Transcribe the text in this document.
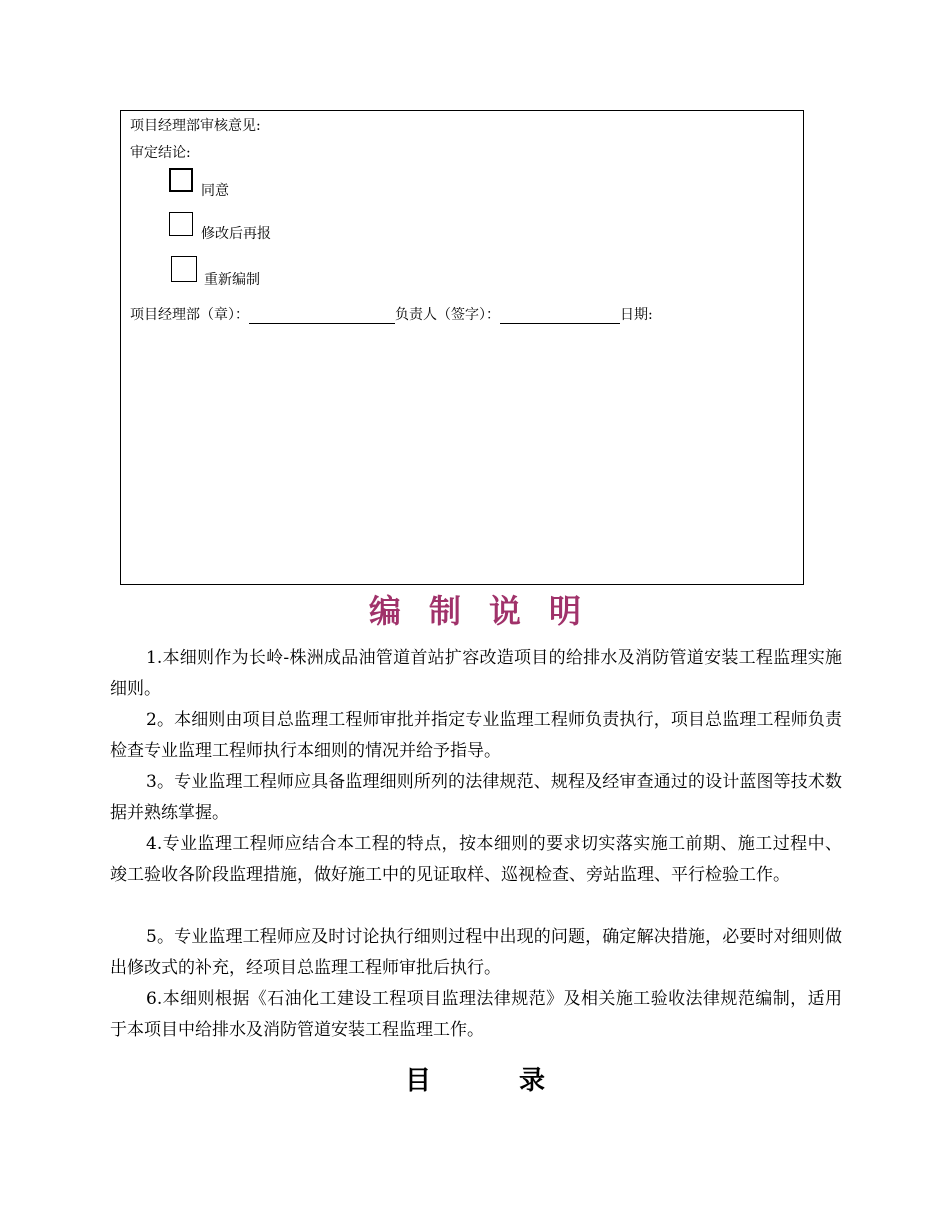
项目经理部审核意见:
审定结论:
同意
修改后再报
重新编制
项目经理部（章）：	负责人（签字）：	日期:
编制说明
1.本细则作为长岭-株洲成品油管道首站扩容改造项目的给排水及消防管道安装工程监理实施细则。
2。本细则由项目总监理工程师审批并指定专业监理工程师负责执行，项目总监理工程师负责检查专业监理工程师执行本细则的情况并给予指导。
3。专业监理工程师应具备监理细则所列的法律规范、规程及经审查通过的设计蓝图等技术数据并熟练掌握。
4.专业监理工程师应结合本工程的特点，按本细则的要求切实落实施工前期、施工过程中、竣工验收各阶段监理措施，做好施工中的见证取样、巡视检查、旁站监理、平行检验工作。
5。专业监理工程师应及时讨论执行细则过程中出现的问题，确定解决措施，必要时对细则做出修改式的补充，经项目总监理工程师审批后执行。
6.本细则根据《石油化工建设工程项目监理法律规范》及相关施工验收法律规范编制，适用于本项目中给排水及消防管道安装工程监理工作。
目录
